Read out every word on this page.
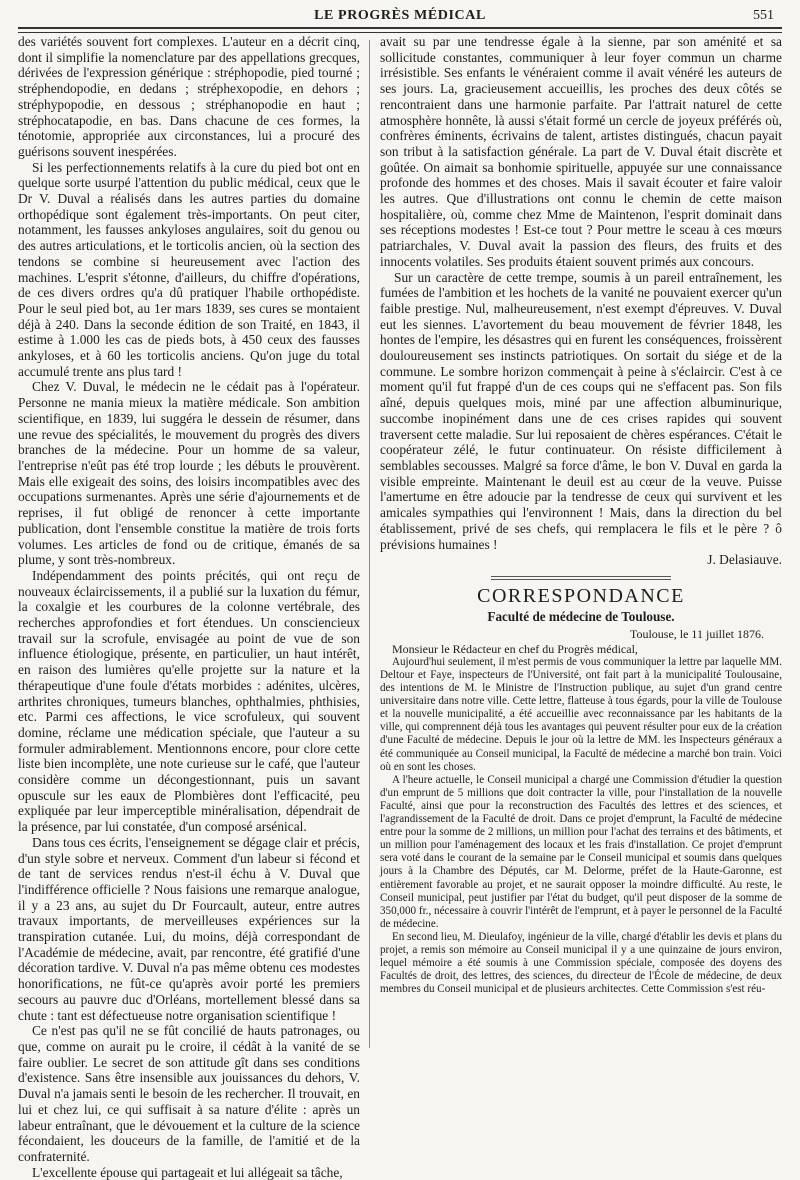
LE PROGRÈS MÉDICAL	551

des variétés souvent fort complexes. L'auteur en a décrit cinq, dont il simplifie la nomenclature par des appellations grecques, dérivées de l'expression générique : stréphopodie, pied tourné ; stréphendopodie, en dedans ; stréphexopodie, en dehors ; stréphypopodie, en dessous ; stréphanopodie en haut ; stréphocatapodie, en bas. Dans chacune de ces formes, la ténotomie, appropriée aux circonstances, lui a procuré des guérisons souvent inespérées.

Si les perfectionnements relatifs à la cure du pied bot ont en quelque sorte usurpé l'attention du public médical, ceux que le Dr V. Duval a réalisés dans les autres parties du domaine orthopédique sont également très-importants. On peut citer, notamment, les fausses ankyloses angulaires, soit du genou ou des autres articulations, et le torticolis ancien, où la section des tendons se combine si heureusement avec l'action des machines. L'esprit s'étonne, d'ailleurs, du chiffre d'opérations, de ces divers ordres qu'a dû pratiquer l'habile orthopédiste. Pour le seul pied bot, au 1er mars 1839, ses cures se montaient déjà à 240. Dans la seconde édition de son Traité, en 1843, il estime à 1.000 les cas de pieds bots, à 450 ceux des fausses ankyloses, et à 60 les torticolis anciens. Qu'on juge du total accumulé trente ans plus tard !

Chez V. Duval, le médecin ne le cédait pas à l'opérateur. Personne ne mania mieux la matière médicale. Son ambition scientifique, en 1839, lui suggéra le dessein de résumer, dans une revue des spécialités, le mouvement du progrès des divers branches de la médecine. Pour un homme de sa valeur, l'entreprise n'eût pas été trop lourde ; les débuts le prouvèrent. Mais elle exigeait des soins, des loisirs incompatibles avec des occupations surmenantes. Après une série d'ajournements et de reprises, il fut obligé de renoncer à cette importante publication, dont l'ensemble constitue la matière de trois forts volumes. Les articles de fond ou de critique, émanés de sa plume, y sont très-nombreux.

Indépendamment des points précités, qui ont reçu de nouveaux éclaircissements, il a publié sur la luxation du fémur, la coxalgie et les courbures de la colonne vertébrale, des recherches approfondies et fort étendues. Un consciencieux travail sur la scrofule, envisagée au point de vue de son influence étiologique, présente, en particulier, un haut intérêt, en raison des lumières qu'elle projette sur la nature et la thérapeutique d'une foule d'états morbides : adénites, ulcères, arthrites chroniques, tumeurs blanches, ophthalmies, phthisies, etc. Parmi ces affections, le vice scrofuleux, qui souvent domine, réclame une médication spéciale, que l'auteur a su formuler admirablement. Mentionnons encore, pour clore cette liste bien incomplète, une note curieuse sur le café, que l'auteur considère comme un décongestionnant, puis un savant opuscule sur les eaux de Plombières dont l'efficacité, peu expliquée par leur imperceptible minéralisation, dépendrait de la présence, par lui constatée, d'un composé arsénical.

Dans tous ces écrits, l'enseignement se dégage clair et précis, d'un style sobre et nerveux. Comment d'un labeur si fécond et de tant de services rendus n'est-il échu à V. Duval que l'indifférence officielle ? Nous faisions une remarque analogue, il y a 23 ans, au sujet du Dr Fourcault, auteur, entre autres travaux importants, de merveilleuses expériences sur la transpiration cutanée. Lui, du moins, déjà correspondant de l'Académie de médecine, avait, par rencontre, été gratifié d'une décoration tardive. V. Duval n'a pas même obtenu ces modestes honorifications, ne fût-ce qu'après avoir porté les premiers secours au pauvre duc d'Orléans, mortellement blessé dans sa chute : tant est défectueuse notre organisation scientifique !

Ce n'est pas qu'il ne se fût concilié de hauts patronages, ou que, comme on aurait pu le croire, il cédât à la vanité de se faire oublier. Le secret de son attitude gît dans ses conditions d'existence. Sans être insensible aux jouissances du dehors, V. Duval n'a jamais senti le besoin de les rechercher. Il trouvait, en lui et chez lui, ce qui suffisait à sa nature d'élite : après un labeur entraînant, que le dévouement et la culture de la science fécondaient, les douceurs de la famille, de l'amitié et de la confraternité.

L'excellente épouse qui partageait et lui allégeait sa tâche,

avait su par une tendresse égale à la sienne, par son aménité et sa sollicitude constantes, communiquer à leur foyer commun un charme irrésistible. Ses enfants le vénéraient comme il avait vénéré les auteurs de ses jours. La, gracieusement accueillis, les proches des deux côtés se rencontraient dans une harmonie parfaite. Par l'attrait naturel de cette atmosphère honnête, là aussi s'était formé un cercle de joyeux préférés où, confrères éminents, écrivains de talent, artistes distingués, chacun payait son tribut à la satisfaction générale. La part de V. Duval était discrète et goûtée. On aimait sa bonhomie spirituelle, appuyée sur une connaissance profonde des hommes et des choses. Mais il savait écouter et faire valoir les autres. Que d'illustrations ont connu le chemin de cette maison hospitalière, où, comme chez Mme de Maintenon, l'esprit dominait dans ses réceptions modestes ! Est-ce tout ? Pour mettre le sceau à ces mœurs patriarchales, V. Duval avait la passion des fleurs, des fruits et des innocents volatiles. Ses produits étaient souvent primés aux concours.

Sur un caractère de cette trempe, soumis à un pareil entraînement, les fumées de l'ambition et les hochets de la vanité ne pouvaient exercer qu'un faible prestige. Nul, malheureusement, n'est exempt d'épreuves. V. Duval eut les siennes. L'avortement du beau mouvement de février 1848, les hontes de l'empire, les désastres qui en furent les conséquences, froissèrent douloureusement ses instincts patriotiques. On sortait du siége et de la commune. Le sombre horizon commençait à peine à s'éclaircir. C'est à ce moment qu'il fut frappé d'un de ces coups qui ne s'effacent pas. Son fils aîné, depuis quelques mois, miné par une affection albuminurique, succombe inopinément dans une de ces crises rapides qui souvent traversent cette maladie. Sur lui reposaient de chères espérances. C'était le coopérateur zélé, le futur continuateur. On résiste difficilement à semblables secousses. Malgré sa force d'âme, le bon V. Duval en garda la visible empreinte. Maintenant le deuil est au cœur de la veuve. Puisse l'amertume en être adoucie par la tendresse de ceux qui survivent et les amicales sympathies qui l'environnent ! Mais, dans la direction du bel établissement, privé de ses chefs, qui remplacera le fils et le père ? ô prévisions humaines !

J. Delasiauve.
CORRESPONDANCE
Faculté de médecine de Toulouse.
Toulouse, le 11 juillet 1876.

Monsieur le Rédacteur en chef du Progrès médical,

Aujourd'hui seulement, il m'est permis de vous communiquer la lettre par laquelle MM. Deltour et Faye, inspecteurs de l'Université, ont fait part à la municipalité Toulousaine, des intentions de M. le Ministre de l'Instruction publique, au sujet d'un grand centre universitaire dans notre ville. Cette lettre, flatteuse à tous égards, pour la ville de Toulouse et la nouvelle municipalité, a été accueillie avec reconnaissance par les habitants de la ville, qui comprennent déjà tous les avantages qui peuvent résulter pour eux de la création d'une Faculté de médecine. Depuis le jour où la lettre de MM. les Inspecteurs généraux a été communiquée au Conseil municipal, la Faculté de médecine a marché bon train. Voici où en sont les choses.

A l'heure actuelle, le Conseil municipal a chargé une Commission d'étudier la question d'un emprunt de 5 millions que doit contracter la ville, pour l'installation de la nouvelle Faculté, ainsi que pour la reconstruction des Facultés des lettres et des sciences, et l'agrandissement de la Faculté de droit. Dans ce projet d'emprunt, la Faculté de médecine entre pour la somme de 2 millions, un million pour l'achat des terrains et des bâtiments, et un million pour l'aménagement des locaux et les frais d'installation. Ce projet d'emprunt sera voté dans le courant de la semaine par le Conseil municipal et soumis dans quelques jours à la Chambre des Députés, car M. Delorme, préfet de la Haute-Garonne, est entièrement favorable au projet, et ne saurait opposer la moindre difficulté. Au reste, le Conseil municipal, peut justifier par l'état du budget, qu'il peut disposer de la somme de 350,000 fr., nécessaire à couvrir l'intérêt de l'emprunt, et à payer le personnel de la Faculté de médecine.

En second lieu, M. Dieulafoy, ingénieur de la ville, chargé d'établir les devis et plans du projet, a remis son mémoire au Conseil municipal il y a une quinzaine de jours environ, lequel mémoire a été soumis à une Commission spéciale, composée des doyens des Facultés de droit, des lettres, des sciences, du directeur de l'École de médecine, de deux membres du Conseil municipal et de plusieurs architectes. Cette Commission s'est réu-
